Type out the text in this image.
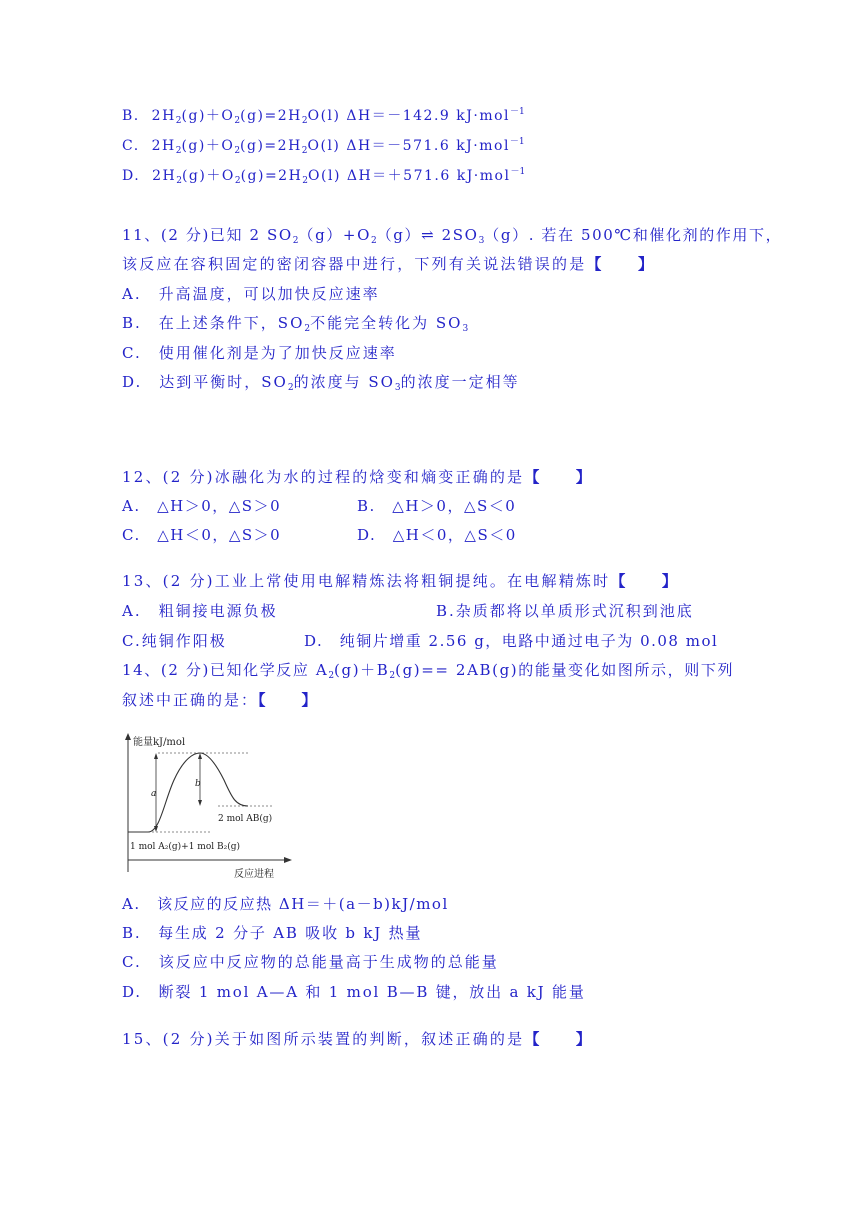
B. $2H_2(g)+O_2(g)=2H_2O(l)$ ΔH＝－142.9 kJ·mol$^{-1}$
C. $2H_2(g)+O_2(g)=2H_2O(l)$ ΔH＝－571.6 kJ·mol$^{-1}$
D. $2H_2(g)+O_2(g)=2H_2O(l)$ ΔH＝＋571.6 kJ·mol$^{-1}$
11、(2 分)已知 2 $SO_2(g)+O_2(g)\rightleftharpoons$ $2SO_3(g)$. 若在 500℃和催化剂的作用下，
该反应在容积固定的密闭容器中进行，下列有关说法错误的是【　　】
A.　升高温度，可以加快反应速率
B.　在上述条件下，$SO_2$不能完全转化为 $SO_3$
C.　使用催化剂是为了加快反应速率
D.　达到平衡时，$SO_2$的浓度与 $SO_3$的浓度一定相等
12、(2 分)冰融化为水的过程的焓变和熵变正确的是【　　】
A.　△H＞0，△S＞0	B.　△H＞0，△S＜0
C.　△H＜0，△S＞0	D.　△H＜0，△S＜0
13、(2 分)工业上常使用电解精炼法将粗铜提纯。在电解精炼时【　　】
A.　粗铜接电源负极	B.杂质都将以单质形式沉积到池底
C.纯铜作阳极	D.　纯铜片增重 2.56 g，电路中通过电子为 0.08 mol
14、(2 分)已知化学反应 $A_2(g)+B_2(g)== 2AB(g)$的能量变化如图所示，则下列
叙述中正确的是：【　　】
能量kJ/mol
a
b
2 mol AB(g)
1 mol A₂(g)+1 mol B₂(g)
反应进程
A.　该反应的反应热 ΔH＝＋(a－b)kJ/mol
B.　每生成 2 分子 AB 吸收 b kJ 热量
C.　该反应中反应物的总能量高于生成物的总能量
D.　断裂 1 mol A—A 和 1 mol B—B 键，放出 a kJ 能量
15、(2 分)关于如图所示装置的判断，叙述正确的是【　　】
